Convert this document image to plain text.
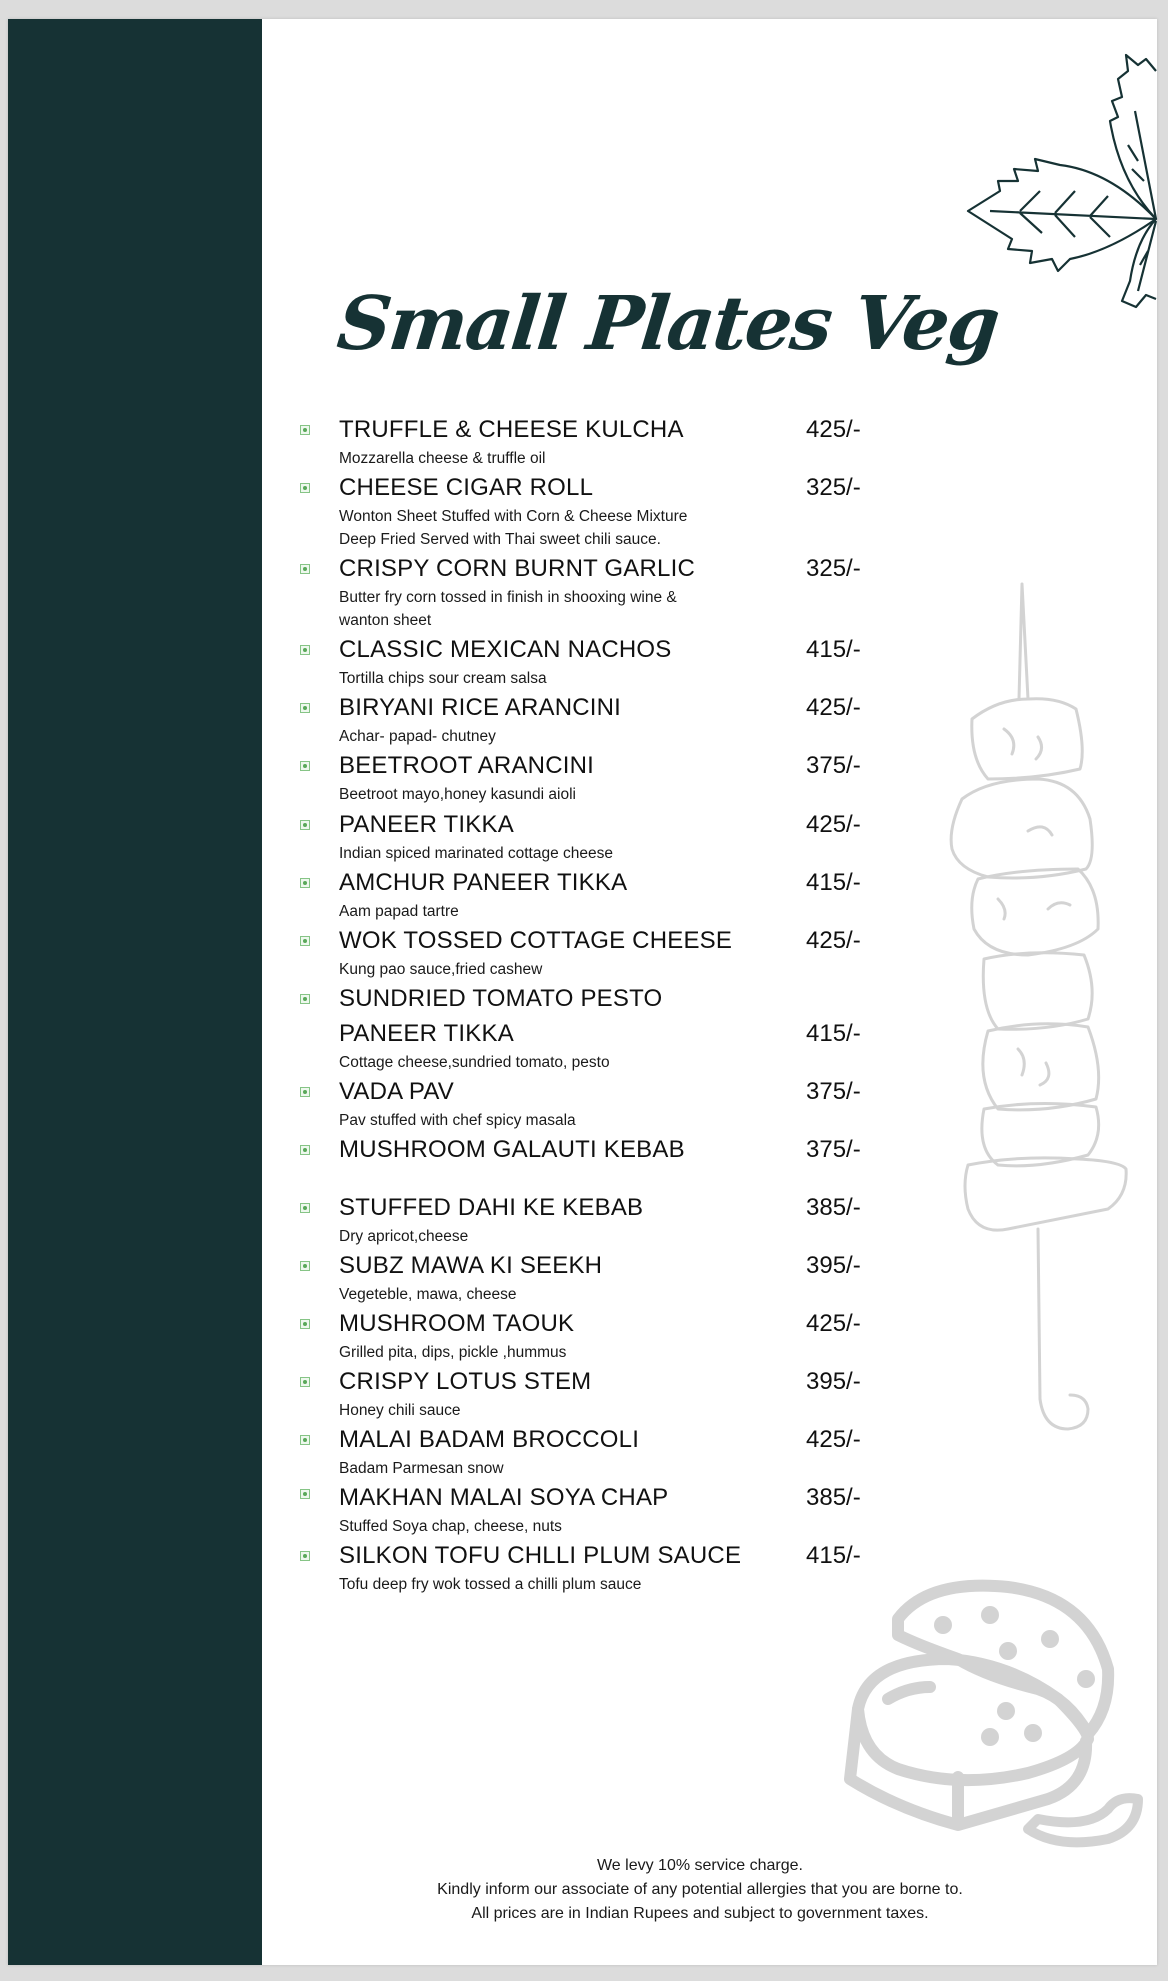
Small Plates Veg
TRUFFLE & CHEESE KULCHA	425/-
Mozzarella cheese & truffle oil
CHEESE CIGAR ROLL	325/-
Wonton Sheet Stuffed with Corn & Cheese Mixture
Deep Fried Served with Thai sweet chili sauce.
CRISPY CORN BURNT GARLIC	325/-
Butter fry corn tossed in finish in shooxing wine &
wanton sheet
CLASSIC MEXICAN NACHOS	415/-
Tortilla chips sour cream salsa
BIRYANI RICE ARANCINI	425/-
Achar- papad- chutney
BEETROOT ARANCINI	375/-
Beetroot mayo,honey kasundi aioli
PANEER TIKKA	425/-
Indian spiced marinated cottage cheese
AMCHUR PANEER TIKKA	415/-
Aam papad tartre
WOK TOSSED COTTAGE CHEESE	425/-
Kung pao sauce,fried cashew
SUNDRIED TOMATO PESTO
PANEER TIKKA	415/-
Cottage cheese,sundried tomato, pesto
VADA PAV	375/-
Pav stuffed with chef spicy masala
MUSHROOM GALAUTI KEBAB	375/-
STUFFED DAHI KE KEBAB	385/-
Dry apricot,cheese
SUBZ MAWA KI SEEKH	395/-
Vegeteble, mawa, cheese
MUSHROOM TAOUK	425/-
Grilled pita, dips, pickle ,hummus
CRISPY LOTUS STEM	395/-
Honey chili sauce
MALAI BADAM BROCCOLI	425/-
Badam Parmesan snow
MAKHAN MALAI SOYA CHAP	385/-
Stuffed Soya chap, cheese, nuts
SILKON TOFU CHLLI PLUM SAUCE	415/-
Tofu deep fry wok tossed a chilli plum sauce
We levy 10% service charge.
Kindly inform our associate of any potential allergies that you are borne to.
All prices are in Indian Rupees and subject to government taxes.
